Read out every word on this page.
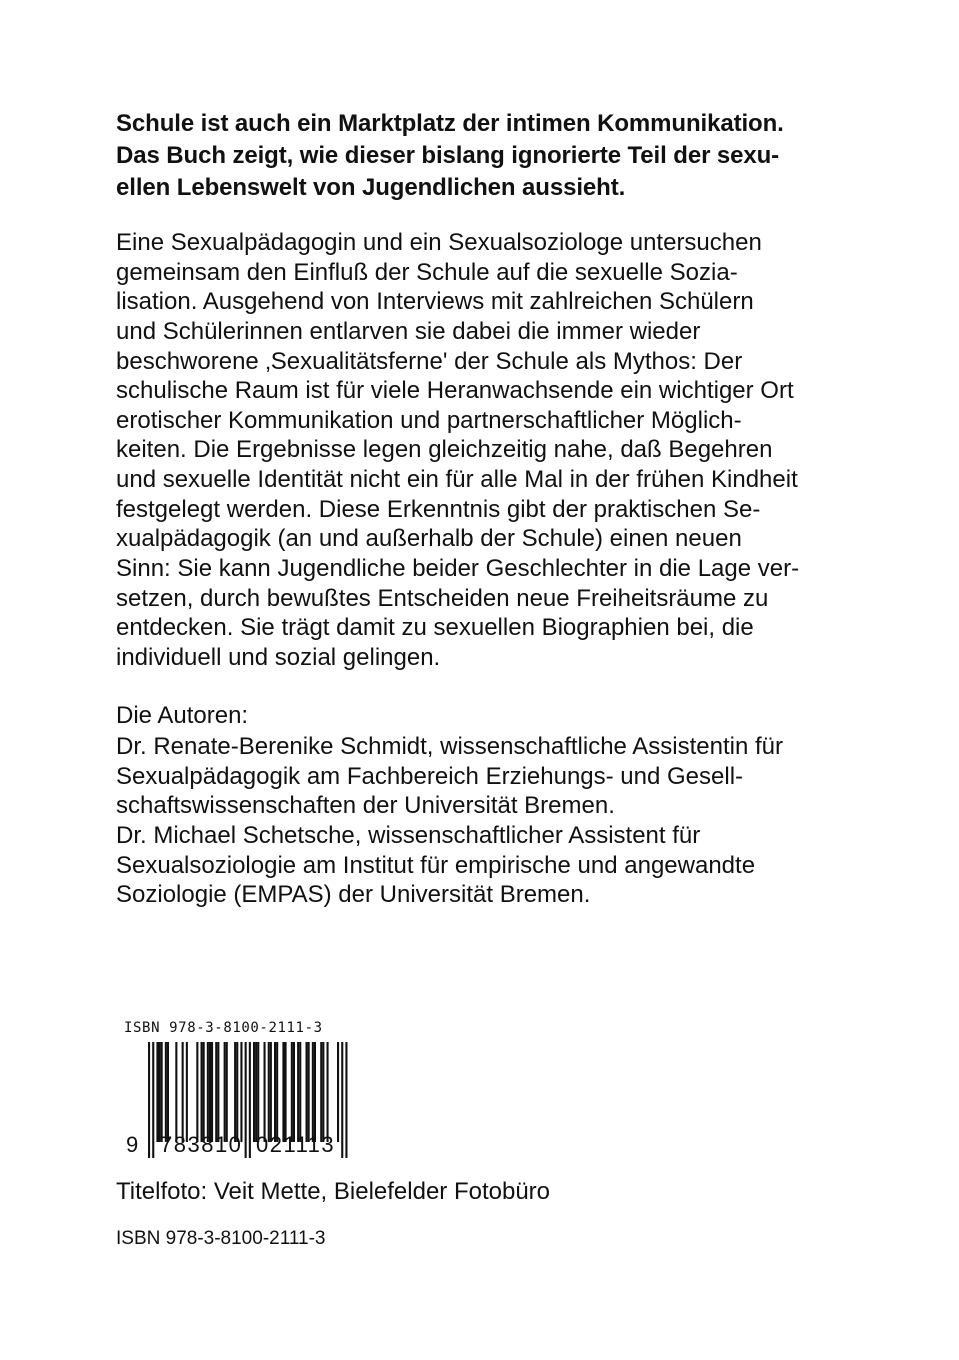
Schule ist auch ein Marktplatz der intimen Kommunikation.
Das Buch zeigt, wie dieser bislang ignorierte Teil der sexu-
ellen Lebenswelt von Jugendlichen aussieht.
Eine Sexualpädagogin und ein Sexualsoziologe untersuchen
gemeinsam den Einfluß der Schule auf die sexuelle Sozia-
lisation. Ausgehend von Interviews mit zahlreichen Schülern
und Schülerinnen entlarven sie dabei die immer wieder
beschworene ‚Sexualitätsferne' der Schule als Mythos: Der
schulische Raum ist für viele Heranwachsende ein wichtiger Ort
erotischer Kommunikation und partnerschaftlicher Möglich-
keiten. Die Ergebnisse legen gleichzeitig nahe, daß Begehren
und sexuelle Identität nicht ein für alle Mal in der frühen Kindheit
festgelegt werden. Diese Erkenntnis gibt der praktischen Se-
xualpädagogik (an und außerhalb der Schule) einen neuen
Sinn: Sie kann Jugendliche beider Geschlechter in die Lage ver-
setzen, durch bewußtes Entscheiden neue Freiheitsräume zu
entdecken. Sie trägt damit zu sexuellen Biographien bei, die
individuell und sozial gelingen.
Die Autoren:
Dr. Renate-Berenike Schmidt, wissenschaftliche Assistentin für
Sexualpädagogik am Fachbereich Erziehungs- und Gesell-
schaftswissenschaften der Universität Bremen.
Dr. Michael Schetsche, wissenschaftlicher Assistent für
Sexualsoziologie am Institut für empirische und angewandte
Soziologie (EMPAS) der Universität Bremen.
ISBN 978-3-8100-2111-3
9 783810 021113
Titelfoto: Veit Mette, Bielefelder Fotobüro
ISBN 978-3-8100-2111-3
